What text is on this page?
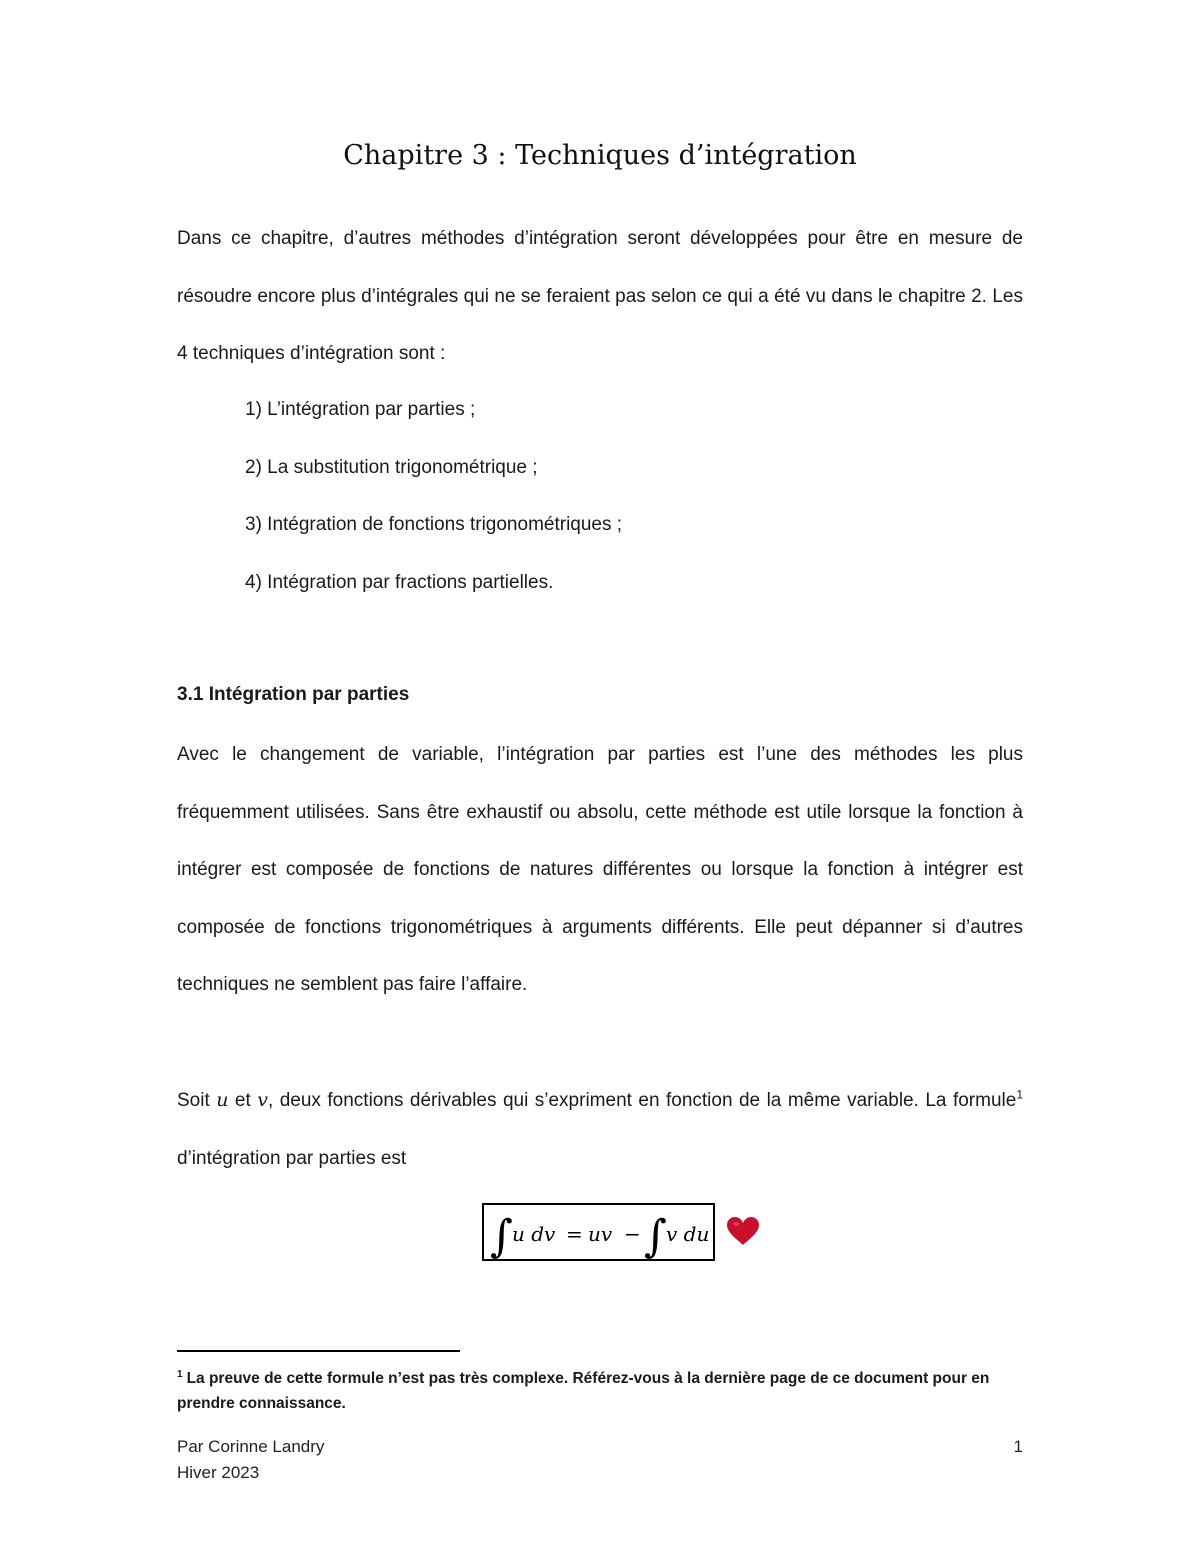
Chapitre 3 : Techniques d’intégration

Dans ce chapitre, d’autres méthodes d’intégration seront développées pour être en mesure de résoudre encore plus d’intégrales qui ne se feraient pas selon ce qui a été vu dans le chapitre 2. Les 4 techniques d’intégration sont :

1) L’intégration par parties ;
2) La substitution trigonométrique ;
3) Intégration de fonctions trigonométriques ;
4) Intégration par fractions partielles.
3.1 Intégration par parties

Avec le changement de variable, l’intégration par parties est l’une des méthodes les plus fréquemment utilisées. Sans être exhaustif ou absolu, cette méthode est utile lorsque la fonction à intégrer est composée de fonctions de natures différentes ou lorsque la fonction à intégrer est composée de fonctions trigonométriques à arguments différents. Elle peut dépanner si d’autres techniques ne semblent pas faire l’affaire.

Soit u et v, deux fonctions dérivables qui s’expriment en fonction de la même variable. La formule$^1$ d’intégration par parties est

∫ u dv = uv − ∫ v du

$^1$ La preuve de cette formule n’est pas très complexe. Référez-vous à la dernière page de ce document pour en prendre connaissance.

Par Corinne Landry
Hiver 2023
1
